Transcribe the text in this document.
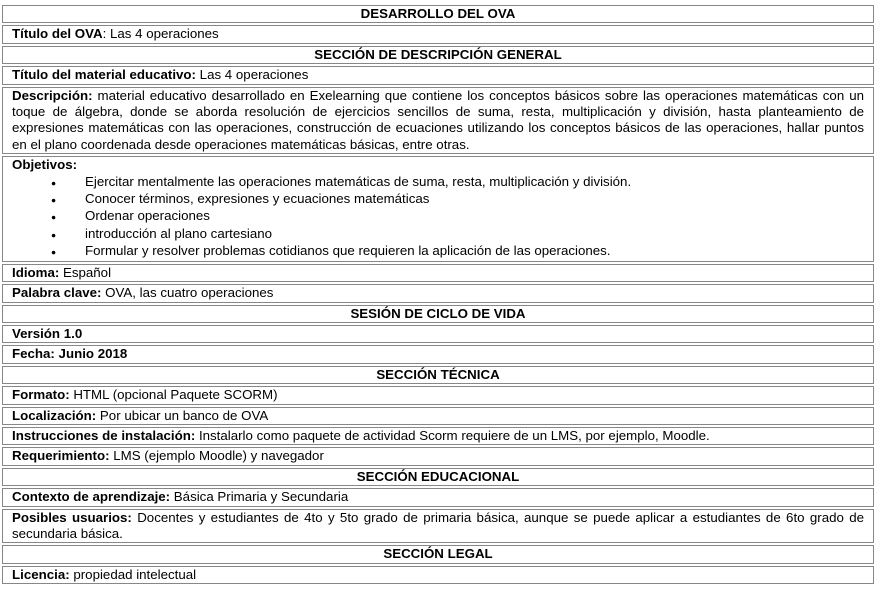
DESARROLLO DEL OVA
Título del OVA: Las 4 operaciones
SECCIÓN DE DESCRIPCIÓN GENERAL
Título del material educativo: Las 4 operaciones
Descripción: material educativo desarrollado en Exelearning que contiene los conceptos básicos sobre las operaciones matemáticas con un toque de álgebra, donde se aborda resolución de ejercicios sencillos de suma, resta, multiplicación y división, hasta planteamiento de expresiones matemáticas con las operaciones, construcción de ecuaciones utilizando los conceptos básicos de las operaciones, hallar puntos en el plano coordenada desde operaciones matemáticas básicas, entre otras.

Objetivos:
● Ejercitar mentalmente las operaciones matemáticas de suma, resta, multiplicación y división.
● Conocer términos, expresiones y ecuaciones matemáticas
● Ordenar operaciones
● introducción al plano cartesiano
● Formular y resolver problemas cotidianos que requieren la aplicación de las operaciones.

Idioma: Español
Palabra clave: OVA, las cuatro operaciones
SESIÓN DE CICLO DE VIDA
Versión 1.0
Fecha: Junio 2018
SECCIÓN TÉCNICA
Formato: HTML (opcional Paquete SCORM)
Localización: Por ubicar un banco de OVA
Instrucciones de instalación: Instalarlo como paquete de actividad Scorm requiere de un LMS, por ejemplo, Moodle.
Requerimiento: LMS (ejemplo Moodle) y navegador
SECCIÓN EDUCACIONAL
Contexto de aprendizaje: Básica Primaria y Secundaria
Posibles usuarios: Docentes y estudiantes de 4to y 5to grado de primaria básica, aunque se puede aplicar a estudiantes de 6to grado de secundaria básica.
SECCIÓN LEGAL
Licencia: propiedad intelectual
